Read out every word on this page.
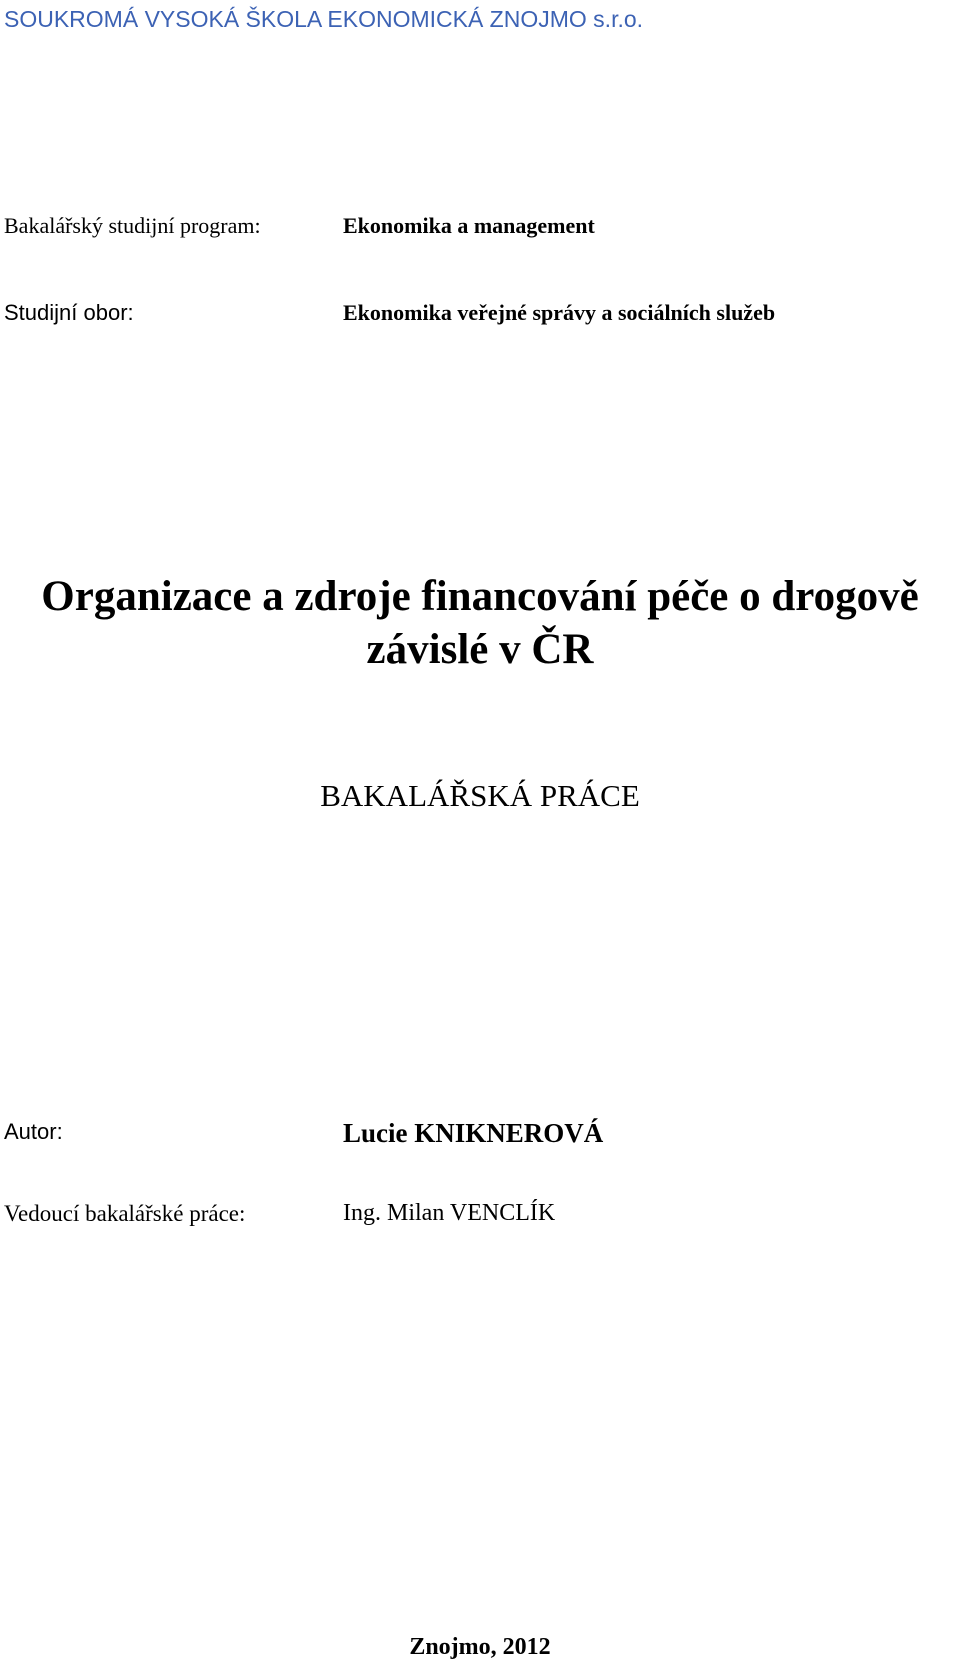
SOUKROMÁ VYSOKÁ ŠKOLA EKONOMICKÁ ZNOJMO s.r.o.
Bakalářský studijní program:	Ekonomika a management
Studijní obor:	Ekonomika veřejné správy a sociálních služeb
Organizace a zdroje financování péče o drogově
závislé v ČR
BAKALÁŘSKÁ PRÁCE
Autor:	Lucie KNIKNEROVÁ
Vedoucí bakalářské práce:	Ing. Milan VENCLÍK
Znojmo, 2012
